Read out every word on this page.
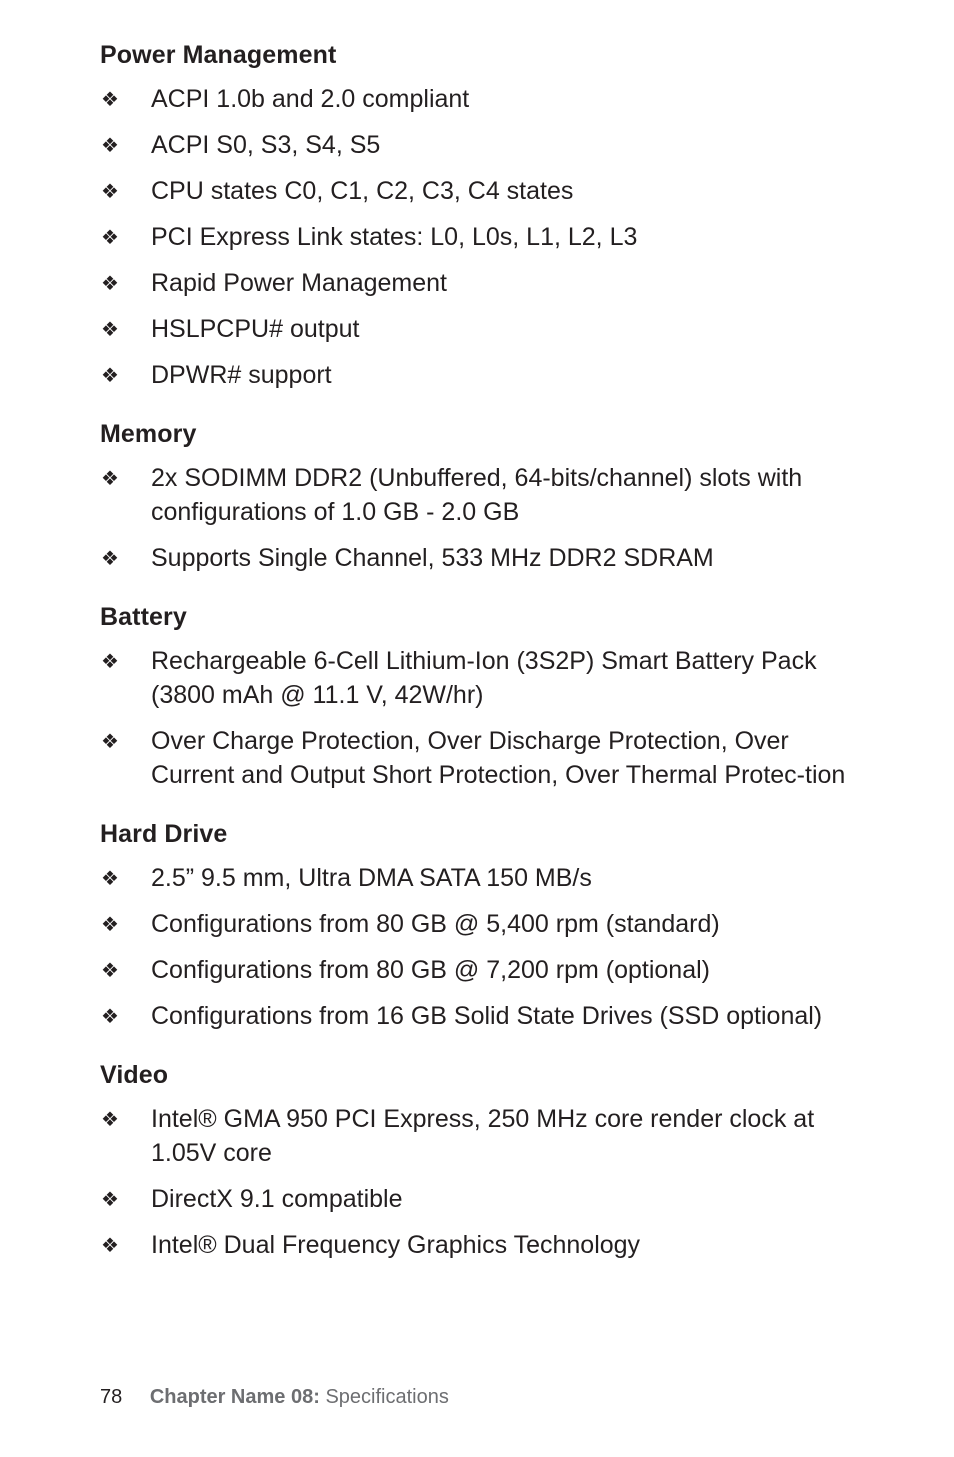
Power Management
❖ ACPI 1.0b and 2.0 compliant
❖ ACPI S0, S3, S4, S5
❖ CPU states C0, C1, C2, C3, C4 states
❖ PCI Express Link states: L0, L0s, L1, L2, L3
❖ Rapid Power Management
❖ HSLPCPU# output
❖ DPWR# support
Memory
❖ 2x SODIMM DDR2 (Unbuffered, 64-bits/channel) slots with configurations of 1.0 GB - 2.0 GB
❖ Supports Single Channel, 533 MHz DDR2 SDRAM
Battery
❖ Rechargeable 6-Cell Lithium-Ion (3S2P) Smart Battery Pack (3800 mAh @ 11.1 V, 42W/hr)
❖ Over Charge Protection, Over Discharge Protection, Over Current and Output Short Protection, Over Thermal Protec-tion
Hard Drive
❖ 2.5” 9.5 mm, Ultra DMA SATA 150 MB/s
❖ Configurations from 80 GB @ 5,400 rpm (standard)
❖ Configurations from 80 GB @ 7,200 rpm (optional)
❖ Configurations from 16 GB Solid State Drives (SSD optional)
Video
❖ Intel® GMA 950 PCI Express, 250 MHz core render clock at 1.05V core
❖ DirectX 9.1 compatible
❖ Intel® Dual Frequency Graphics Technology
78 Chapter Name 08: Specifications
